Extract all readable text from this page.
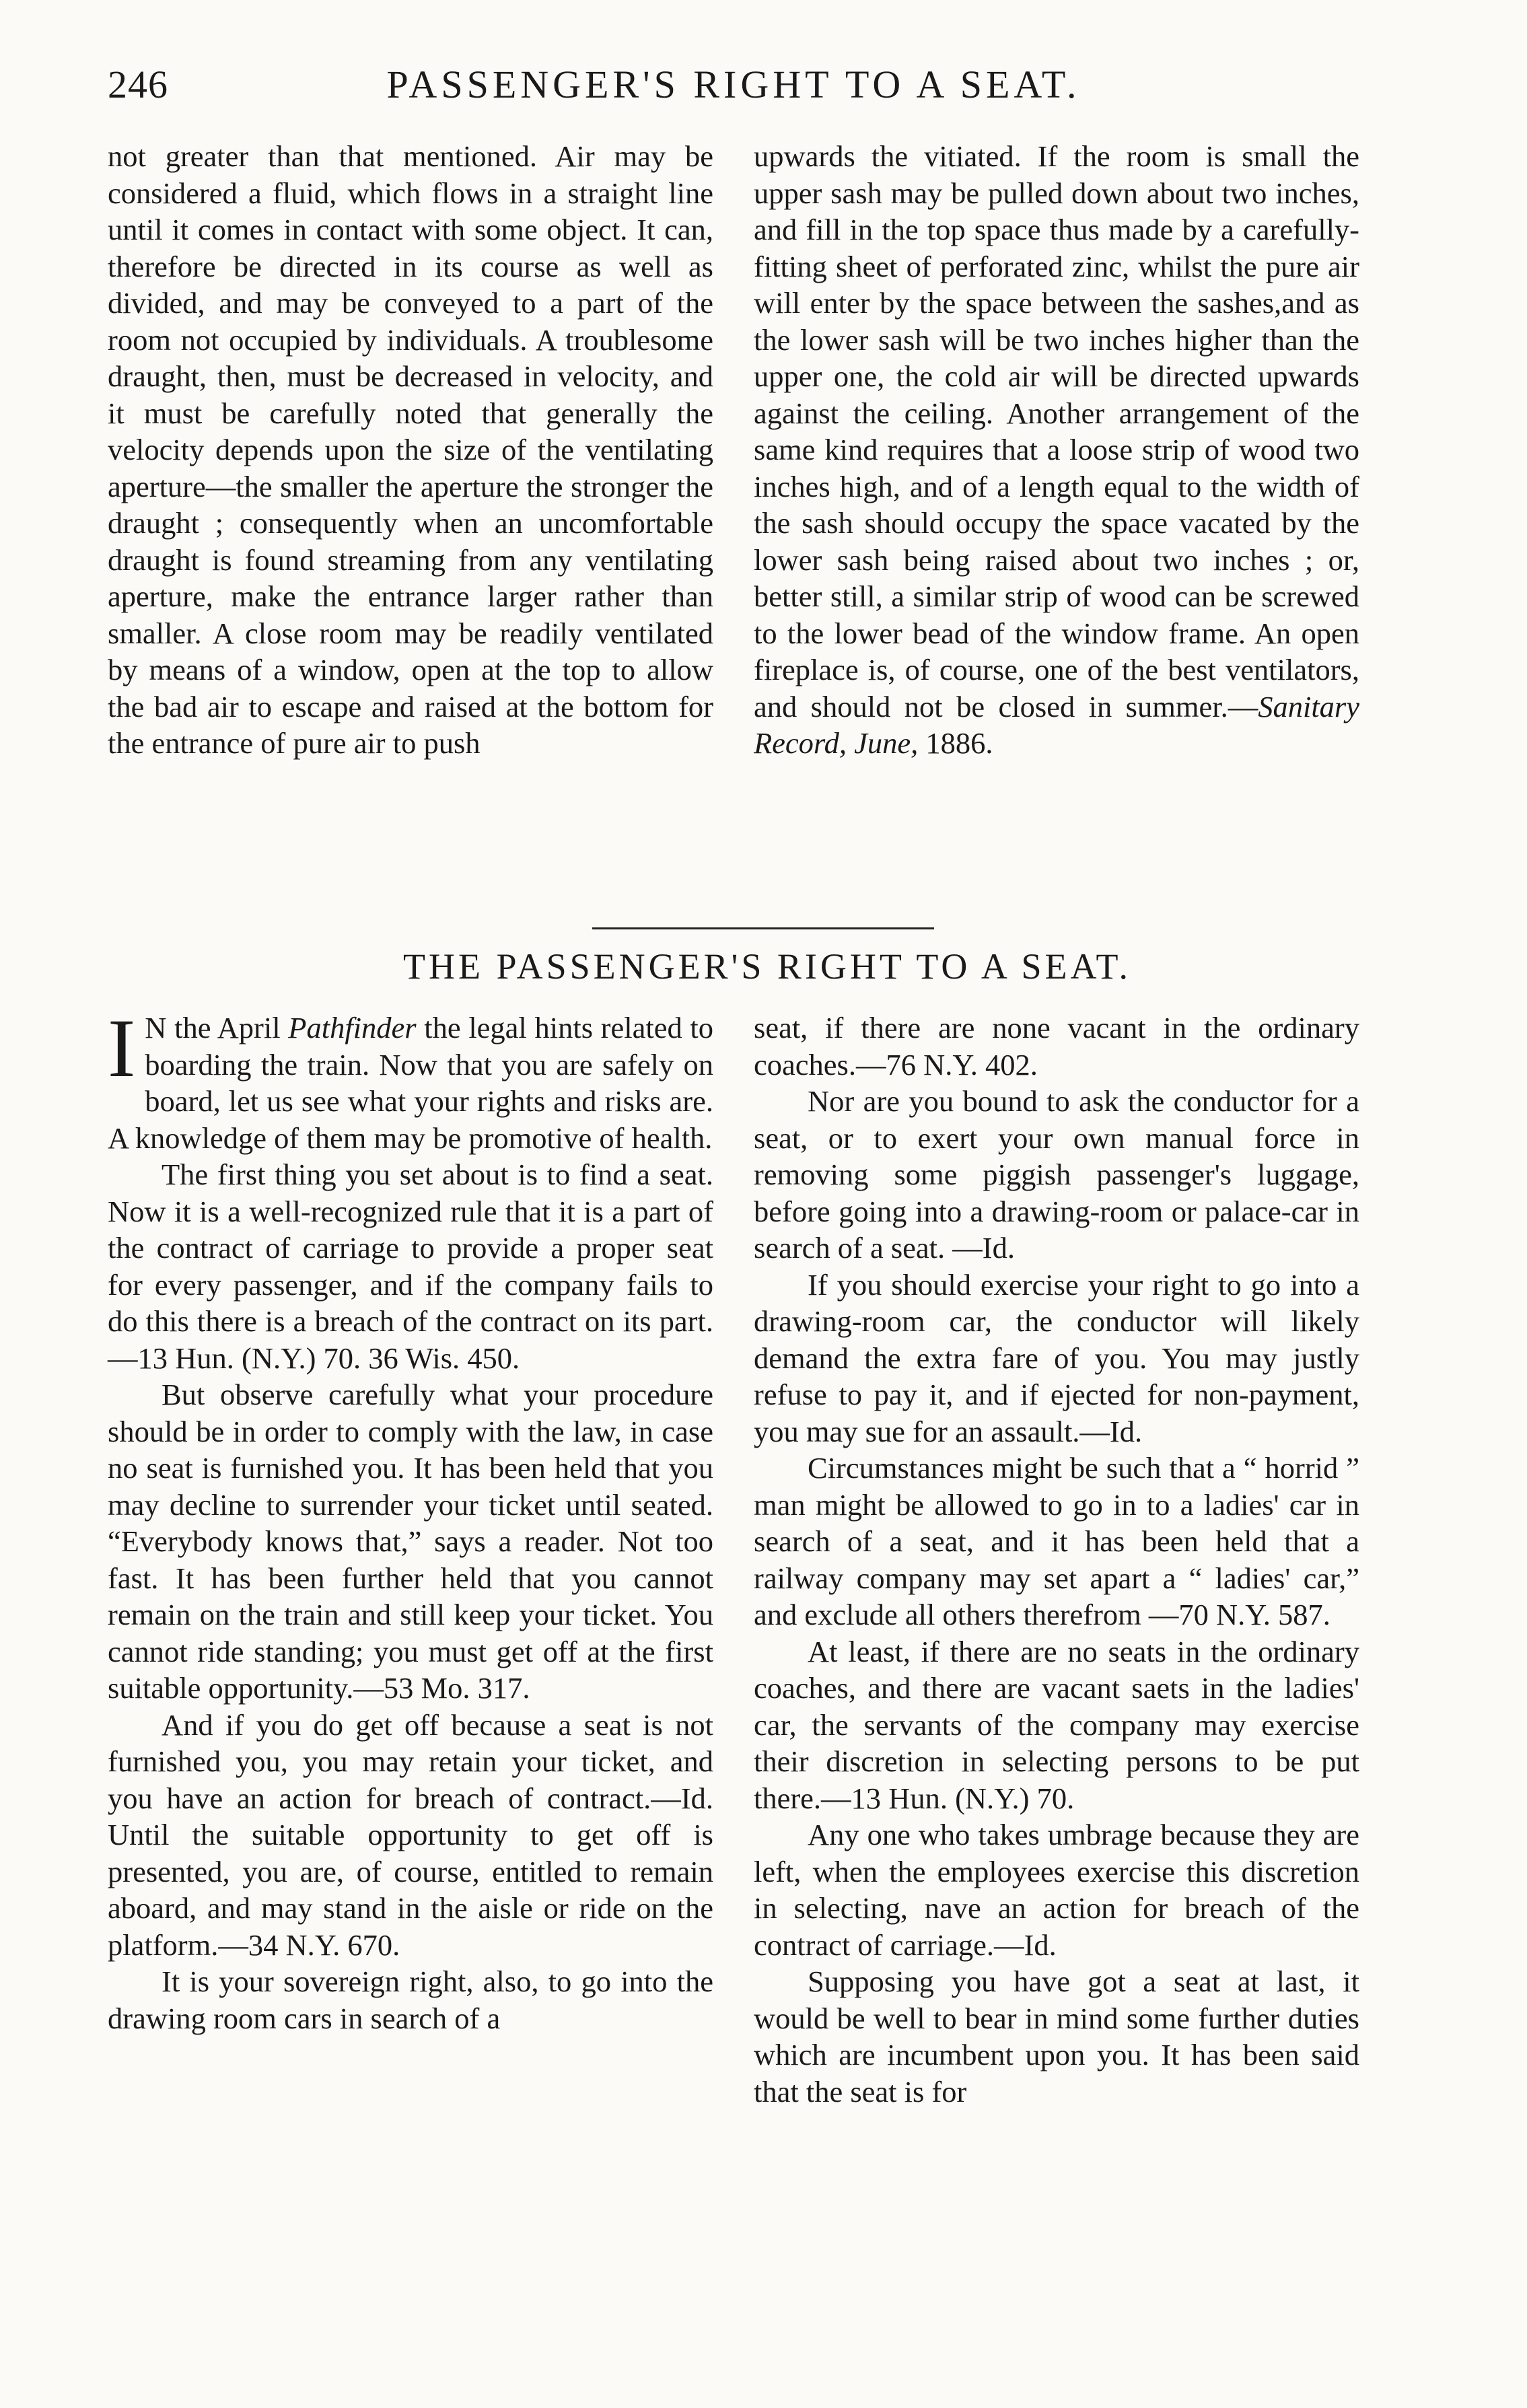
246	PASSENGER'S RIGHT TO A SEAT.

not greater than that mentioned. Air may be considered a fluid, which flows in a straight line until it comes in contact with some object. It can, therefore be directed in its course as well as divided, and may be conveyed to a part of the room not occupied by individuals. A troublesome draught, then, must be decreased in velocity, and it must be carefully noted that generally the velocity depends upon the size of the ventilating aperture—the smaller the aperture the stronger the draught ; consequently when an uncomfortable draught is found streaming from any ventilating aperture, make the entrance larger rather than smaller. A close room may be readily ventilated by means of a window, open at the top to allow the bad air to escape and raised at the bottom for the entrance of pure air to push

upwards the vitiated. If the room is small the upper sash may be pulled down about two inches, and fill in the top space thus made by a carefully-fitting sheet of perforated zinc, whilst the pure air will enter by the space between the sashes,and as the lower sash will be two inches higher than the upper one, the cold air will be directed upwards against the ceiling. Another arrangement of the same kind requires that a loose strip of wood two inches high, and of a length equal to the width of the sash should occupy the space vacated by the lower sash being raised about two inches ; or, better still, a similar strip of wood can be screwed to the lower bead of the window frame. An open fireplace is, of course, one of the best ventilators, and should not be closed in summer.—Sanitary Record, June, 1886.

THE PASSENGER'S RIGHT TO A SEAT.

I N the April Pathfinder the legal hints related to boarding the train. Now that you are safely on board, let us see what your rights and risks are. A knowledge of them may be promotive of health.

The first thing you set about is to find a seat. Now it is a well-recognized rule that it is a part of the contract of carriage to provide a proper seat for every passenger, and if the company fails to do this there is a breach of the contract on its part.—13 Hun. (N.Y.) 70. 36 Wis. 450.

But observe carefully what your procedure should be in order to comply with the law, in case no seat is furnished you. It has been held that you may decline to surrender your ticket until seated. “Everybody knows that,” says a reader. Not too fast. It has been further held that you cannot remain on the train and still keep your ticket. You cannot ride standing; you must get off at the first suitable opportunity.—53 Mo. 317.

And if you do get off because a seat is not furnished you, you may retain your ticket, and you have an action for breach of contract.—Id. Until the suitable opportunity to get off is presented, you are, of course, entitled to remain aboard, and may stand in the aisle or ride on the platform.—34 N.Y. 670.

It is your sovereign right, also, to go into the drawing room cars in search of a

seat, if there are none vacant in the ordinary coaches.—76 N.Y. 402.

Nor are you bound to ask the conductor for a seat, or to exert your own manual force in removing some piggish passenger's luggage, before going into a drawing-room or palace-car in search of a seat. —Id.

If you should exercise your right to go into a drawing-room car, the conductor will likely demand the extra fare of you. You may justly refuse to pay it, and if ejected for non-payment, you may sue for an assault.—Id.

Circumstances might be such that a “ horrid ” man might be allowed to go in to a ladies' car in search of a seat, and it has been held that a railway company may set apart a “ ladies' car,” and exclude all others therefrom —70 N.Y. 587.

At least, if there are no seats in the ordinary coaches, and there are vacant saets in the ladies' car, the servants of the company may exercise their discretion in selecting persons to be put there.—13 Hun. (N.Y.) 70.

Any one who takes umbrage because they are left, when the employees exercise this discretion in selecting, nave an action for breach of the contract of carriage.—Id.

Supposing you have got a seat at last, it would be well to bear in mind some further duties which are incumbent upon you. It has been said that the seat is for
